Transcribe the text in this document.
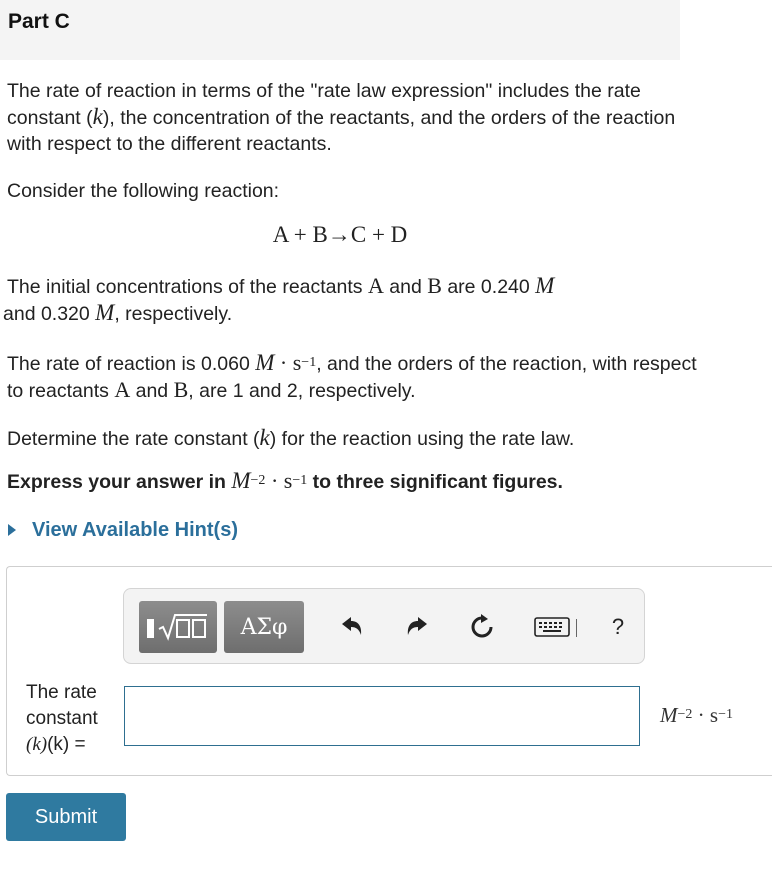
Part C
The rate of reaction in terms of the "rate law expression" includes the rate constant (k), the concentration of the reactants, and the orders of the reaction with respect to the different reactants.
Consider the following reaction:
A + B→C + D
The initial concentrations of the reactants A and B are 0.240 M
and 0.320 M, respectively.
The rate of reaction is 0.060 $M \cdot s^{-1}$, and the orders of the reaction, with respect to reactants A and B, are 1 and 2, respectively.
Determine the rate constant (k) for the reaction using the rate law.
Express your answer in $M^{-2} \cdot s^{-1}$ to three significant figures.
View Available Hint(s)
ΑΣφ	?
The rate
constant
(k)(k) =
$M^{-2} \cdot s^{-1}$
Submit
